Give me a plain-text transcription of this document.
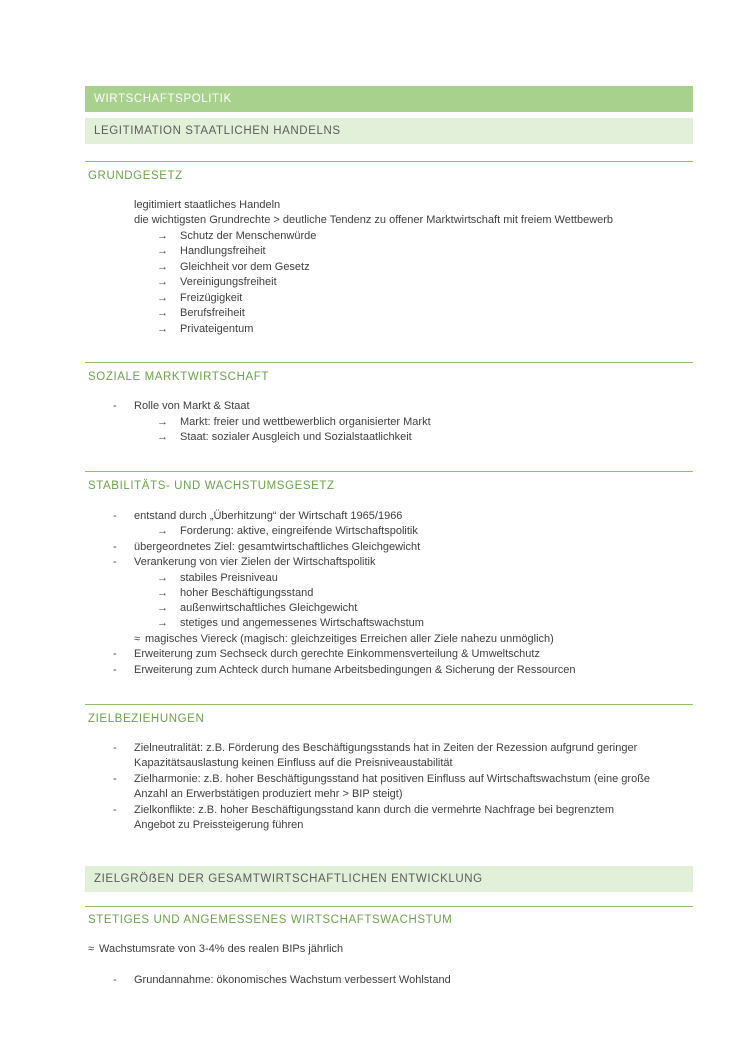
WIRTSCHAFTSPOLITIK
LEGITIMATION STAATLICHEN HANDELNS
GRUNDGESETZ
legitimiert staatliches Handeln
die wichtigsten Grundrechte > deutliche Tendenz zu offener Marktwirtschaft mit freiem Wettbewerb
→ Schutz der Menschenwürde
→ Handlungsfreiheit
→ Gleichheit vor dem Gesetz
→ Vereinigungsfreiheit
→ Freizügigkeit
→ Berufsfreiheit
→ Privateigentum
SOZIALE MARKTWIRTSCHAFT
- Rolle von Markt & Staat
→ Markt: freier und wettbewerblich organisierter Markt
→ Staat: sozialer Ausgleich und Sozialstaatlichkeit
STABILITÄTS- UND WACHSTUMSGESETZ
- entstand durch „Überhitzung“ der Wirtschaft 1965/1966
→ Forderung: aktive, eingreifende Wirtschaftspolitik
- übergeordnetes Ziel: gesamtwirtschaftliches Gleichgewicht
- Verankerung von vier Zielen der Wirtschaftspolitik
→ stabiles Preisniveau
→ hoher Beschäftigungsstand
→ außenwirtschaftliches Gleichgewicht
→ stetiges und angemessenes Wirtschaftswachstum
≈ magisches Viereck (magisch: gleichzeitiges Erreichen aller Ziele nahezu unmöglich)
- Erweiterung zum Sechseck durch gerechte Einkommensverteilung & Umweltschutz
- Erweiterung zum Achteck durch humane Arbeitsbedingungen & Sicherung der Ressourcen
ZIELBEZIEHUNGEN
- Zielneutralität: z.B. Förderung des Beschäftigungsstands hat in Zeiten der Rezession aufgrund geringer
Kapazitätsauslastung keinen Einfluss auf die Preisniveaustabilität
- Zielharmonie: z.B. hoher Beschäftigungsstand hat positiven Einfluss auf Wirtschaftswachstum (eine große
Anzahl an Erwerbstätigen produziert mehr > BIP steigt)
- Zielkonflikte: z.B. hoher Beschäftigungsstand kann durch die vermehrte Nachfrage bei begrenztem
Angebot zu Preissteigerung führen
ZIELGRÖẞEN DER GESAMTWIRTSCHAFTLICHEN ENTWICKLUNG
STETIGES UND ANGEMESSENES WIRTSCHAFTSWACHSTUM
≈ Wachstumsrate von 3-4% des realen BIPs jährlich
- Grundannahme: ökonomisches Wachstum verbessert Wohlstand
